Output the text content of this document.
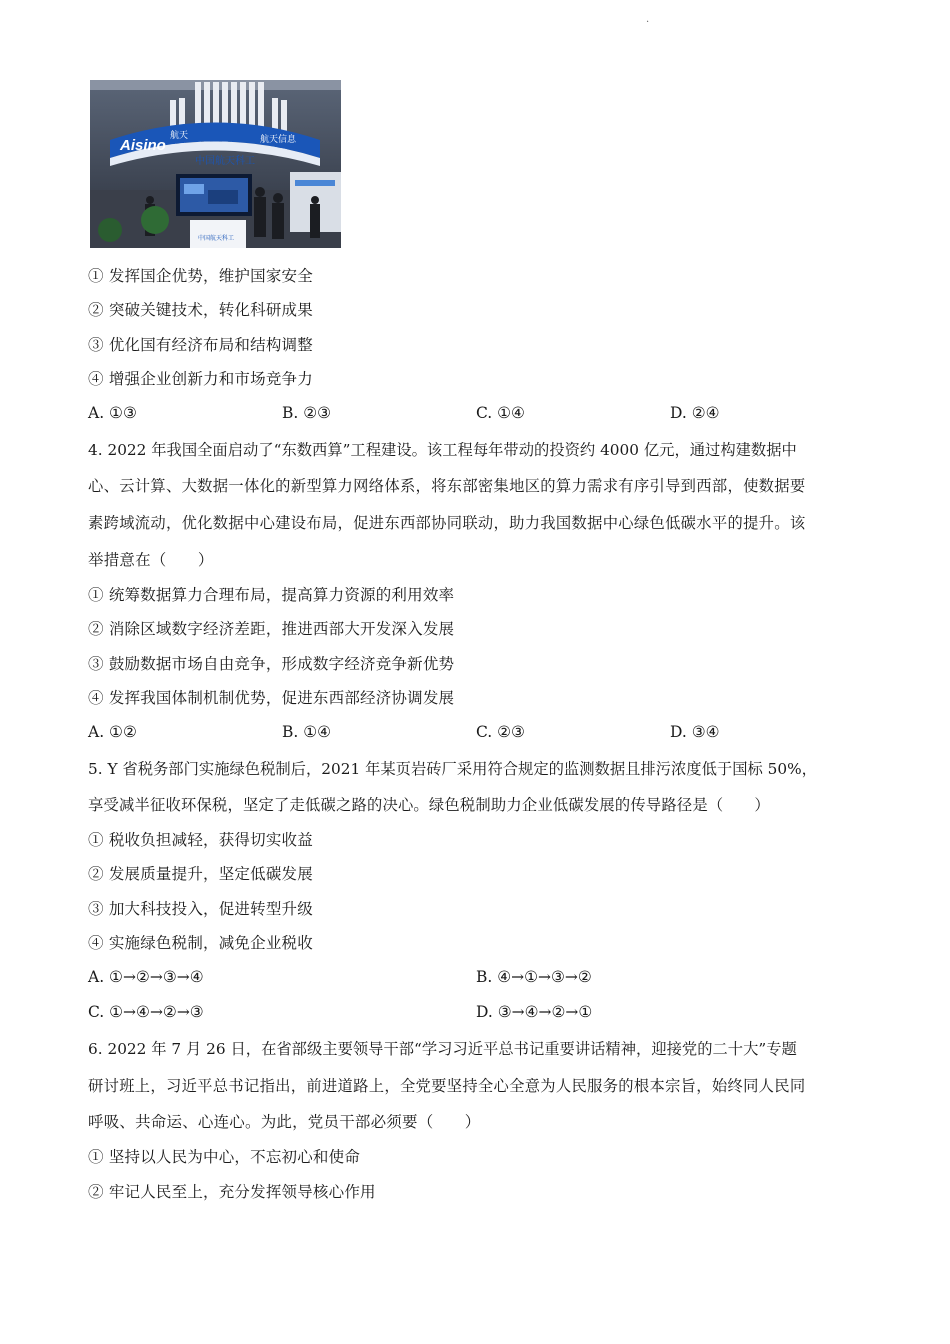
.
Aisino
航天
中国航天科工
航天信息
中国航天科工
① 发挥国企优势，维护国家安全
② 突破关键技术，转化科研成果
③ 优化国有经济布局和结构调整
④ 增强企业创新力和市场竞争力
A. ①③	B. ②③	C. ①④	D. ②④
4. 2022 年我国全面启动了“东数西算”工程建设。该工程每年带动的投资约 4000 亿元，通过构建数据中
心、云计算、大数据一体化的新型算力网络体系，将东部密集地区的算力需求有序引导到西部，使数据要
素跨域流动，优化数据中心建设布局，促进东西部协同联动，助力我国数据中心绿色低碳水平的提升。该
举措意在（　　）
① 统筹数据算力合理布局，提高算力资源的利用效率
② 消除区域数字经济差距，推进西部大开发深入发展
③ 鼓励数据市场自由竞争，形成数字经济竞争新优势
④ 发挥我国体制机制优势，促进东西部经济协调发展
A. ①②	B. ①④	C. ②③	D. ③④
5. Y 省税务部门实施绿色税制后，2021 年某页岩砖厂采用符合规定的监测数据且排污浓度低于国标 50%，
享受减半征收环保税，坚定了走低碳之路的决心。绿色税制助力企业低碳发展的传导路径是（　　）
① 税收负担减轻，获得切实收益
② 发展质量提升，坚定低碳发展
③ 加大科技投入，促进转型升级
④ 实施绿色税制，减免企业税收
A. ①→②→③→④	B. ④→①→③→②
C. ①→④→②→③	D. ③→④→②→①
6. 2022 年 7 月 26 日，在省部级主要领导干部“学习习近平总书记重要讲话精神，迎接党的二十大”专题
研讨班上，习近平总书记指出，前进道路上，全党要坚持全心全意为人民服务的根本宗旨，始终同人民同
呼吸、共命运、心连心。为此，党员干部必须要（　　）
① 坚持以人民为中心，不忘初心和使命
② 牢记人民至上，充分发挥领导核心作用
